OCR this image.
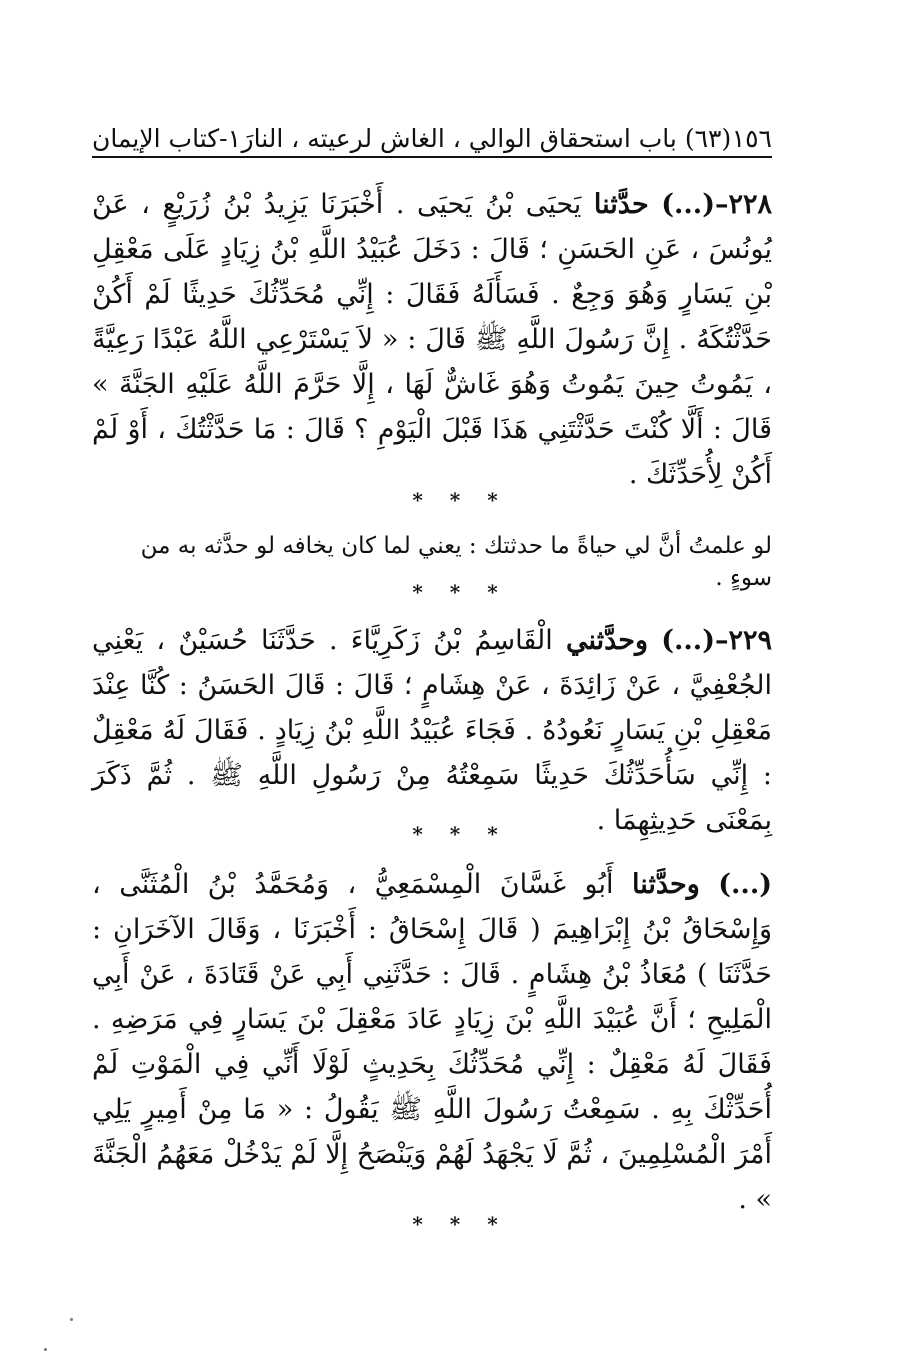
١٥٦
(٦٣) باب استحقاق الوالي ، الغاش لرعيته ، النارَ
١-كتاب الإيمان

٢٢٨–(...) حدَّثنا يَحيَى بْنُ يَحيَى . أَخْبَرَنَا يَزِيدُ بْنُ زُرَيْعٍ ، عَنْ يُونُسَ ، عَنِ الحَسَنِ ؛ قَالَ : دَخَلَ عُبَيْدُ اللَّهِ بْنُ زِيَادٍ عَلَى مَعْقِلِ بْنِ يَسَارٍ وَهُوَ وَجِعٌ . فَسَأَلَهُ فَقَالَ : إِنِّي مُحَدِّثُكَ حَدِيثًا لَمْ أَكُنْ حَدَّثْتُكَهُ . إِنَّ رَسُولَ اللَّهِ ﷺ قَالَ : « لاَ يَسْتَرْعِي اللَّهُ عَبْدًا رَعِيَّةً ، يَمُوتُ حِينَ يَمُوتُ وَهُوَ غَاشٌّ لَهَا ، إِلَّا حَرَّمَ اللَّهُ عَلَيْهِ الجَنَّةَ » قَالَ : أَلَّا كُنْتَ حَدَّثْتَنِي هَذَا قَبْلَ الْيَوْمِ ؟ قَالَ : مَا حَدَّثْتُكَ ، أَوْ لَمْ أَكُنْ لِأُحَدِّثَكَ .

* * *

لو علمتُ أنَّ لي حياةً ما حدثتك : يعني لما كان يخافه لو حدَّثه به من سوءٍ .

* * *

٢٢٩–(...) وحدَّثني الْقَاسِمُ بْنُ زَكَرِيَّاءَ . حَدَّثَنَا حُسَيْنٌ ، يَعْنِي الجُعْفِيَّ ، عَنْ زَائِدَةَ ، عَنْ هِشَامٍ ؛ قَالَ : قَالَ الحَسَنُ : كُنَّا عِنْدَ مَعْقِلِ بْنِ يَسَارٍ نَعُودُهُ . فَجَاءَ عُبَيْدُ اللَّهِ بْنُ زِيَادٍ . فَقَالَ لَهُ مَعْقِلٌ : إِنِّي سَأُحَدِّثُكَ حَدِيثًا سَمِعْتُهُ مِنْ رَسُولِ اللَّهِ ﷺ . ثُمَّ ذَكَرَ بِمَعْنَى حَدِيثِهِمَا .

* * *

(...) وحدَّثنا أَبُو غَسَّانَ الْمِسْمَعِيُّ ، وَمُحَمَّدُ بْنُ الْمُثَنَّى ، وَإِسْحَاقُ بْنُ إِبْرَاهِيمَ ( قَالَ إِسْحَاقُ : أَخْبَرَنَا ، وَقَالَ الآخَرَانِ : حَدَّثَنَا ) مُعَاذُ بْنُ هِشَامٍ . قَالَ : حَدَّثَنِي أَبِي عَنْ قَتَادَةَ ، عَنْ أَبِي الْمَلِيحِ ؛ أَنَّ عُبَيْدَ اللَّهِ بْنَ زِيَادٍ عَادَ مَعْقِلَ بْنَ يَسَارٍ فِي مَرَضِهِ . فَقَالَ لَهُ مَعْقِلٌ : إِنِّي مُحَدِّثُكَ بِحَدِيثٍ لَوْلَا أَنِّي فِي الْمَوْتِ لَمْ أُحَدِّثْكَ بِهِ . سَمِعْتُ رَسُولَ اللَّهِ ﷺ يَقُولُ : « مَا مِنْ أَمِيرٍ يَلِي أَمْرَ الْمُسْلِمِينَ ، ثُمَّ لَا يَجْهَدُ لَهُمْ وَيَنْصَحُ إِلَّا لَمْ يَدْخُلْ مَعَهُمُ الْجَنَّةَ » .

* * *
